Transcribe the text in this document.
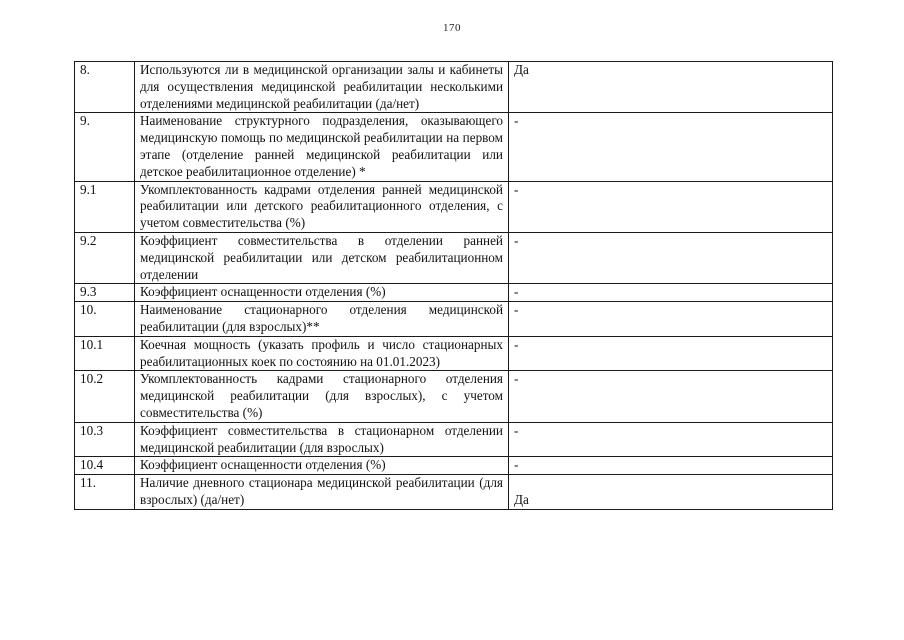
170
8.	Используются ли в медицинской организации залы и кабинеты для осуществления медицинской реабилитации несколькими отделениями медицинской реабилитации (да/нет)	Да
9.	Наименование структурного подразделения, оказывающего медицинскую помощь по медицинской реабилитации на первом этапе (отделение ранней медицинской реабилитации или детское реабилитационное отделение) *	-
9.1	Укомплектованность кадрами отделения ранней медицинской реабилитации или детского реабилитационного отделения, с учетом совместительства (%)	-
9.2	Коэффициент совместительства в отделении ранней медицинской реабилитации или детском реабилитационном отделении	-
9.3	Коэффициент оснащенности отделения (%)	-
10.	Наименование стационарного отделения медицинской реабилитации (для взрослых)**	-
10.1	Коечная мощность (указать профиль и число стационарных реабилитационных коек по состоянию на 01.01.2023)	-
10.2	Укомплектованность кадрами стационарного отделения медицинской реабилитации (для взрослых), с учетом совместительства (%)	-
10.3	Коэффициент совместительства в стационарном отделении медицинской реабилитации (для взрослых)	-
10.4	Коэффициент оснащенности отделения (%)	-
11.	Наличие дневного стационара медицинской реабилитации (для взрослых) (да/нет)	Да
